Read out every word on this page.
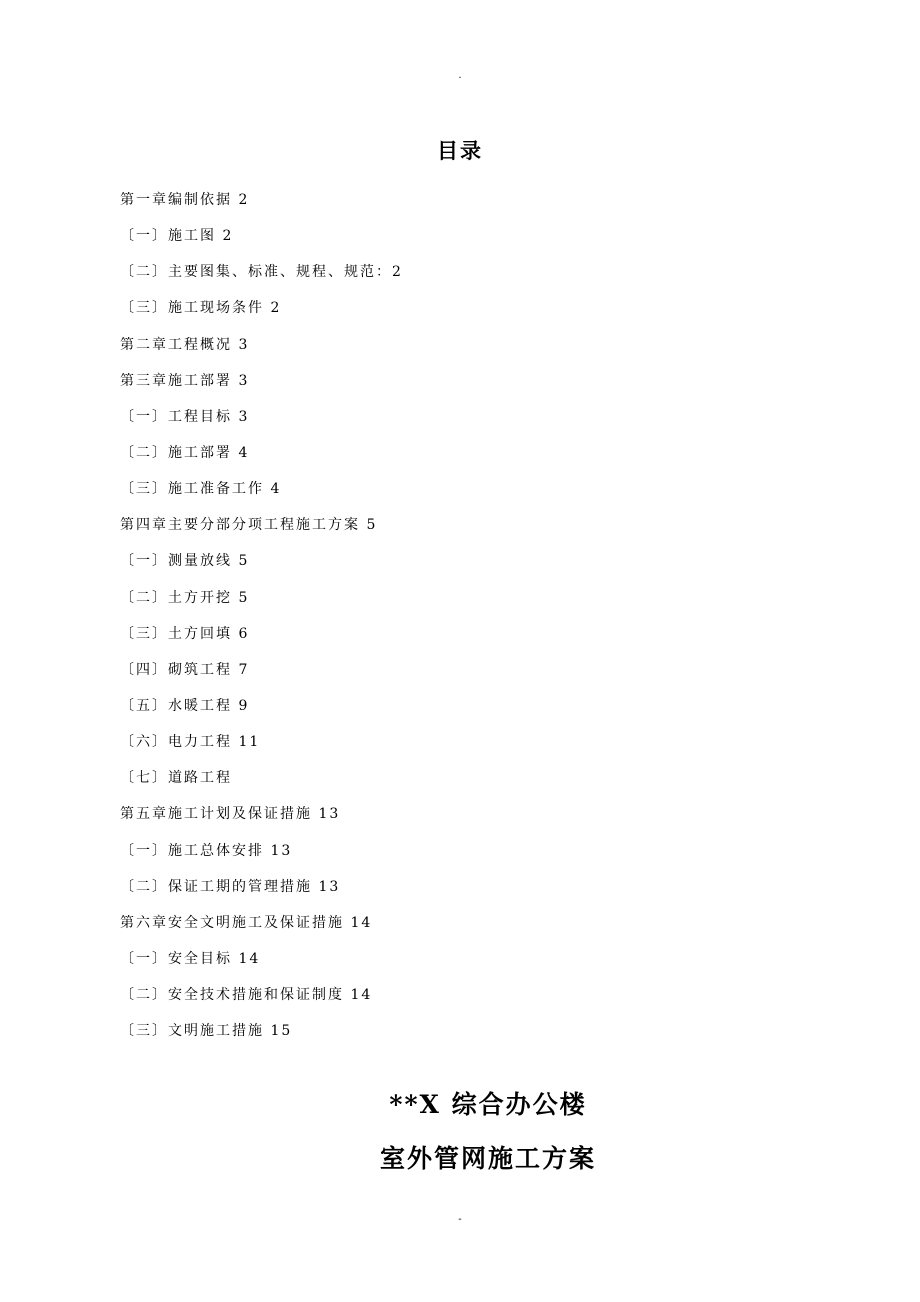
.
目录
第一章编制依据 2
〔一〕施工图 2
〔二〕主要图集、标准、规程、规范：2
〔三〕施工现场条件 2
第二章工程概况 3
第三章施工部署 3
〔一〕工程目标 3
〔二〕施工部署 4
〔三〕施工准备工作 4
第四章主要分部分项工程施工方案 5
〔一〕测量放线 5
〔二〕土方开挖 5
〔三〕土方回填 6
〔四〕砌筑工程 7
〔五〕水暖工程 9
〔六〕电力工程 11
〔七〕道路工程
第五章施工计划及保证措施 13
〔一〕施工总体安排 13
〔二〕保证工期的管理措施 13
第六章安全文明施工及保证措施 14
〔一〕安全目标 14
〔二〕安全技术措施和保证制度 14
〔三〕文明施工措施 15
**X 综合办公楼
室外管网施工方案
-
